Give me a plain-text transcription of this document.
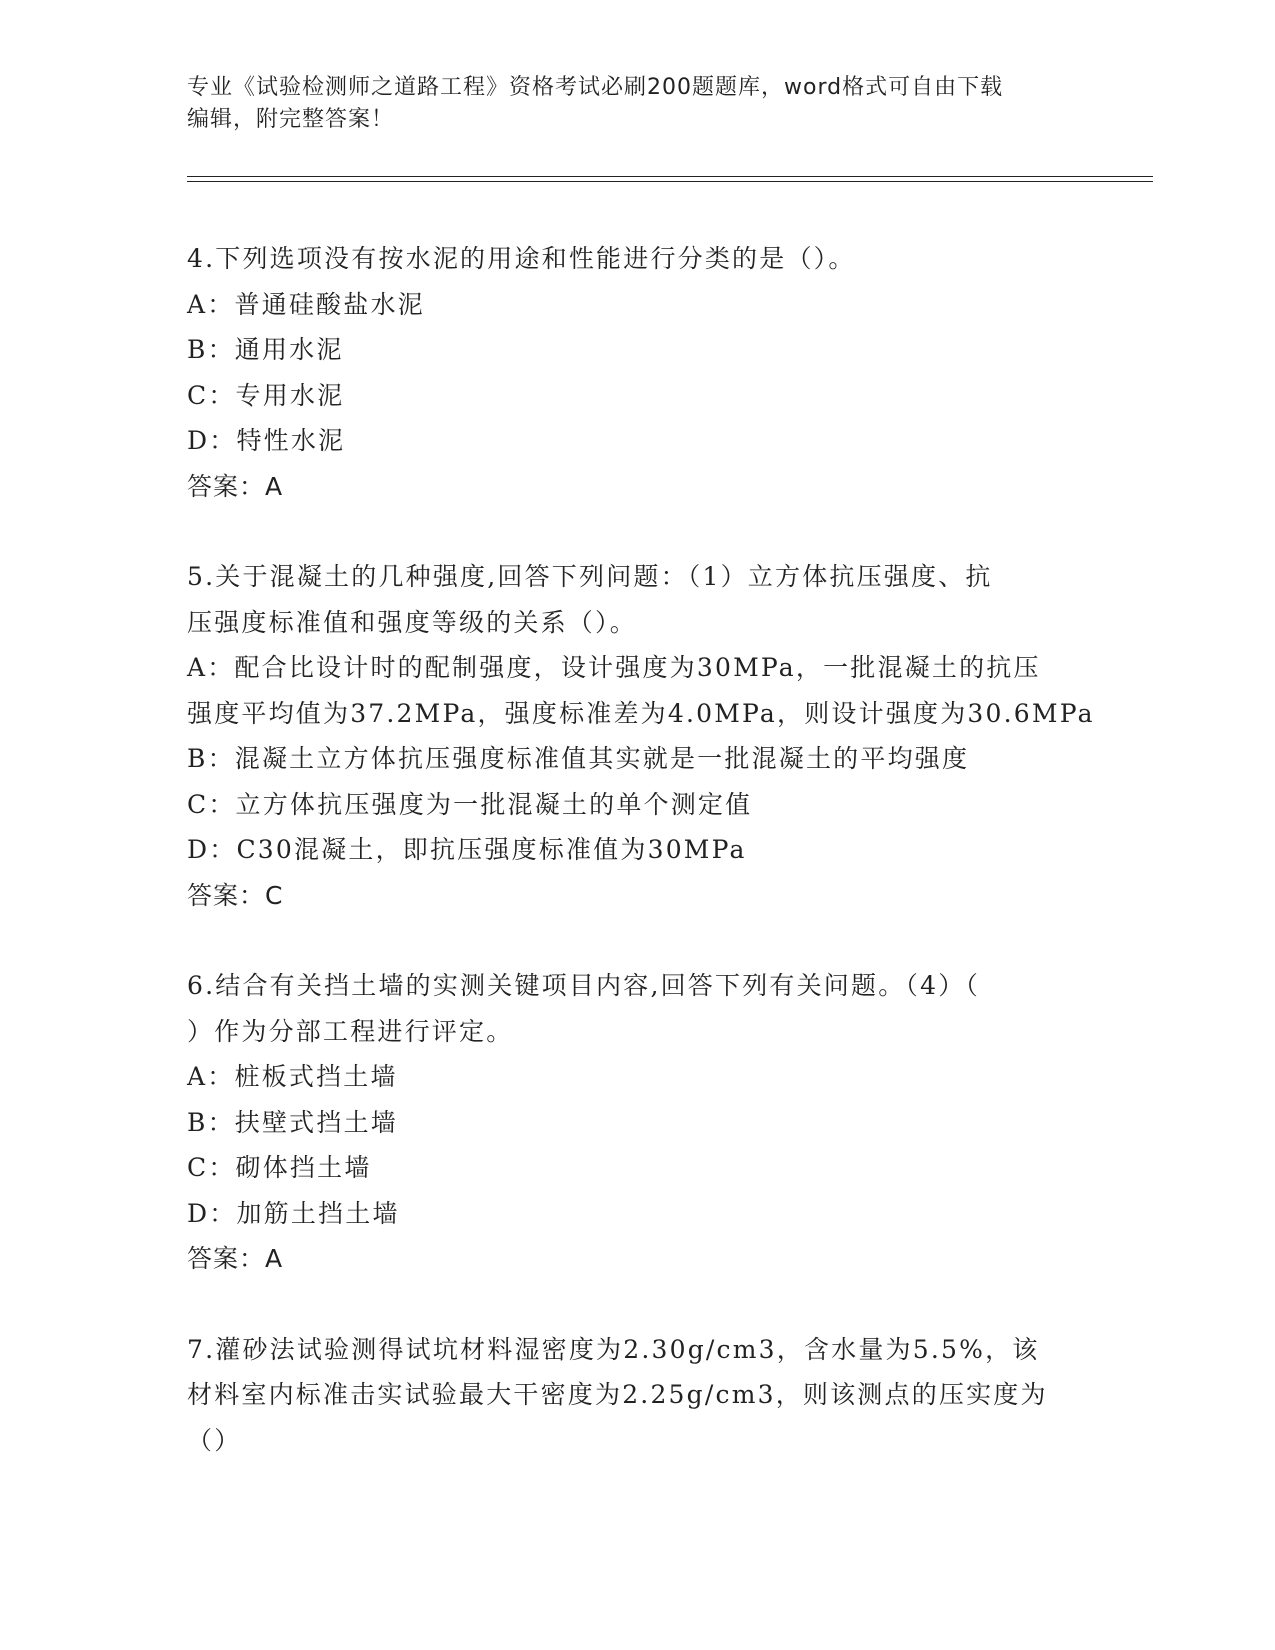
专业《试验检测师之道路工程》资格考试必刷200题题库，word格式可自由下载
编辑，附完整答案！
4.下列选项没有按水泥的用途和性能进行分类的是（）。
A：普通硅酸盐水泥
B：通用水泥
C：专用水泥
D：特性水泥
答案：A
5.关于混凝土的几种强度,回答下列问题：（1）立方体抗压强度、抗
压强度标准值和强度等级的关系（）。
A：配合比设计时的配制强度，设计强度为30MPa，一批混凝土的抗压
强度平均值为37.2MPa，强度标准差为4.0MPa，则设计强度为30.6MPa
B：混凝土立方体抗压强度标准值其实就是一批混凝土的平均强度
C：立方体抗压强度为一批混凝土的单个测定值
D：C30混凝土，即抗压强度标准值为30MPa
答案：C
6.结合有关挡土墙的实测关键项目内容,回答下列有关问题。（4）（
）作为分部工程进行评定。
A：桩板式挡土墙
B：扶壁式挡土墙
C：砌体挡土墙
D：加筋土挡土墙
答案：A
7.灌砂法试验测得试坑材料湿密度为2.30g/cm3，含水量为5.5%，该
材料室内标准击实试验最大干密度为2.25g/cm3，则该测点的压实度为
（）
